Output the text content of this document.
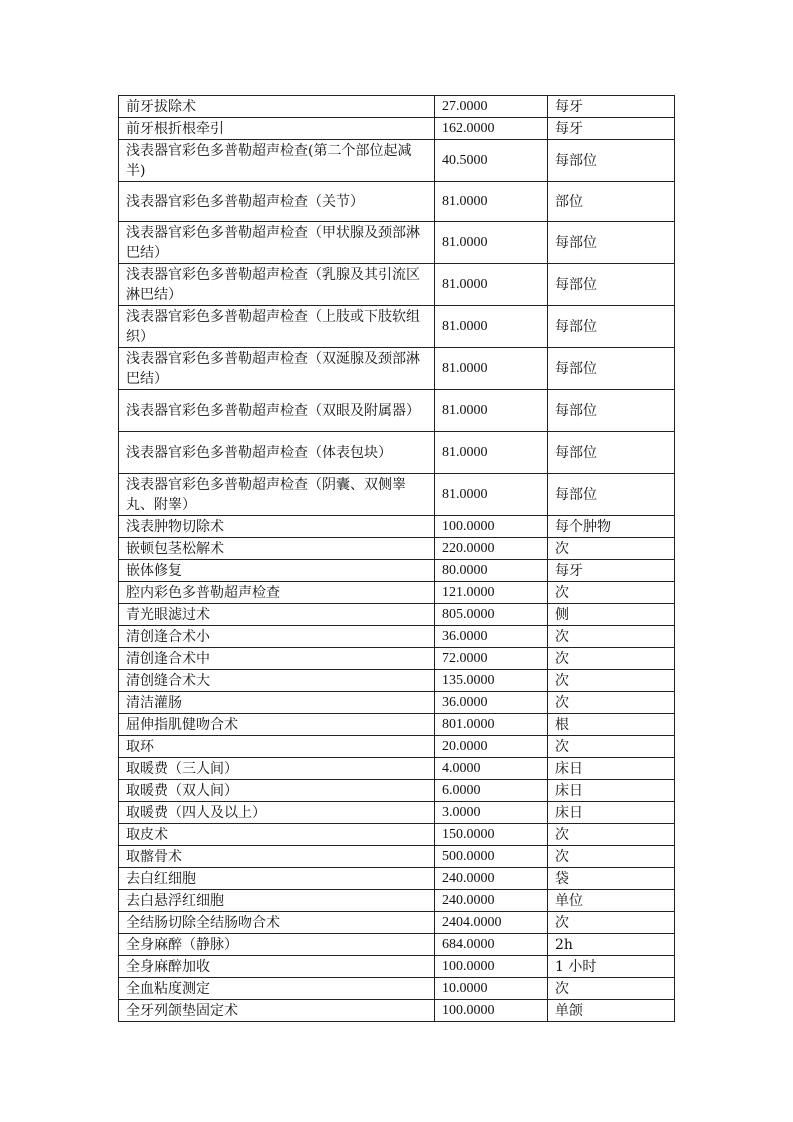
前牙拔除术	27.0000	每牙
前牙根折根牵引	162.0000	每牙
浅表器官彩色多普勒超声检查(第二个部位起减半)	40.5000	每部位
浅表器官彩色多普勒超声检查（关节）	81.0000	部位
浅表器官彩色多普勒超声检查（甲状腺及颈部淋巴结）	81.0000	每部位
浅表器官彩色多普勒超声检查（乳腺及其引流区淋巴结）	81.0000	每部位
浅表器官彩色多普勒超声检查（上肢或下肢软组织）	81.0000	每部位
浅表器官彩色多普勒超声检查（双涎腺及颈部淋巴结）	81.0000	每部位
浅表器官彩色多普勒超声检查（双眼及附属器）	81.0000	每部位
浅表器官彩色多普勒超声检查（体表包块）	81.0000	每部位
浅表器官彩色多普勒超声检查（阴囊、双侧睾丸、附睾）	81.0000	每部位
浅表肿物切除术	100.0000	每个肿物
嵌顿包茎松解术	220.0000	次
嵌体修复	80.0000	每牙
腔内彩色多普勒超声检查	121.0000	次
青光眼滤过术	805.0000	侧
清创逢合术小	36.0000	次
清创逢合术中	72.0000	次
清创缝合术大	135.0000	次
清洁灌肠	36.0000	次
屈伸指肌健吻合术	801.0000	根
取环	20.0000	次
取暖费（三人间）	4.0000	床日
取暖费（双人间）	6.0000	床日
取暖费（四人及以上）	3.0000	床日
取皮术	150.0000	次
取髂骨术	500.0000	次
去白红细胞	240.0000	袋
去白悬浮红细胞	240.0000	单位
全结肠切除全结肠吻合术	2404.0000	次
全身麻醉（静脉）	684.0000	2h
全身麻醉加收	100.0000	1 小时
全血粘度测定	10.0000	次
全牙列颌垫固定术	100.0000	单颌
